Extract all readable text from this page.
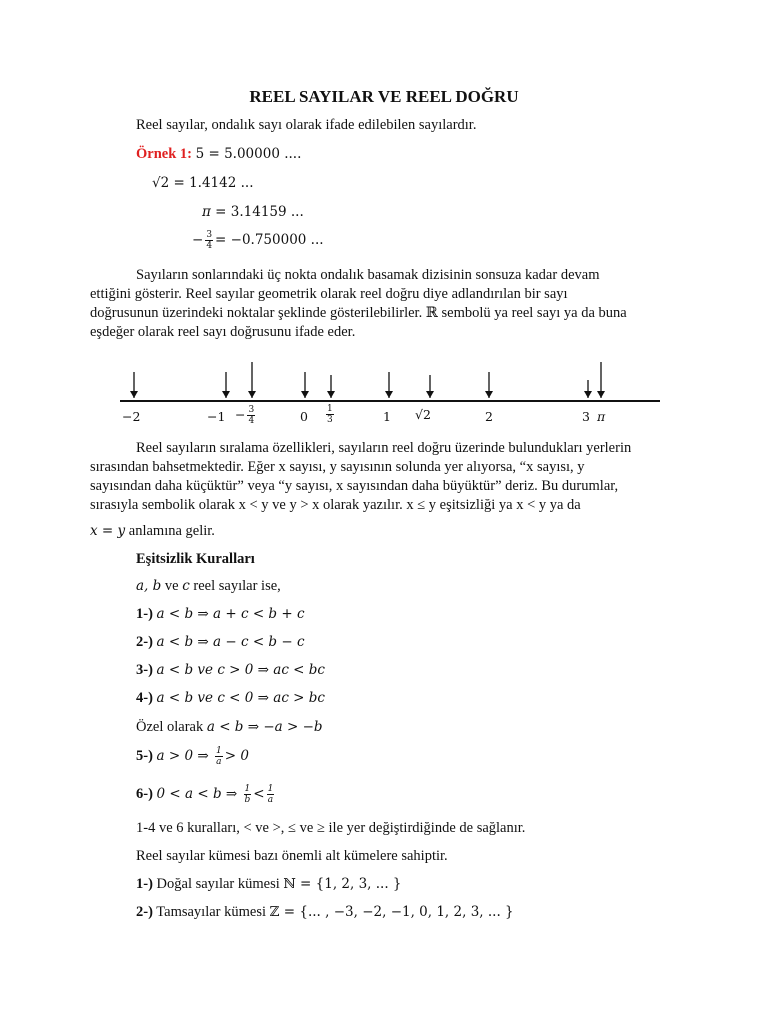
REEL SAYILAR VE REEL DOĞRU
Reel sayılar, ondalık sayı olarak ifade edilebilen sayılardır.
Örnek 1: 5 = 5.00000 ....
√2 = 1.4142 ...
π = 3.14159 ...
− $\frac{3}{4} = -0.750000$ ...
Sayıların sonlarındaki üç nokta ondalık basamak dizisinin sonsuza kadar devam
ettiğini gösterir. Reel sayılar geometrik olarak reel doğru diye adlandırılan bir sayı
doğrusunun üzerindeki noktalar şeklinde gösterilebilirler. ℝ sembolü ya reel sayı ya da buna
eşdeğer olarak reel sayı doğrusunu ifade eder.
−2	$-1 - \frac{3}{4}$	$0 \frac{1}{3}$	1 √2	2	3 π
Reel sayıların sıralama özellikleri, sayıların reel doğru üzerinde bulundukları yerlerin
sırasından bahsetmektedir. Eğer x sayısı, y sayısının solunda yer alıyorsa, “x sayısı, y
sayısından daha küçüktür” veya “y sayısı, x sayısından daha büyüktür” deriz. Bu durumlar,
sırasıyla sembolik olarak x < y ve y > x olarak yazılır. x ≤ y eşitsizliği ya x < y ya da
x = y anlamına gelir.
Eşitsizlik Kuralları
a, b ve c reel sayılar ise,
1-) a < b ⇒ a + c < b + c
2-) a < b ⇒ a − c < b − c
3-) a < b ve c > 0 ⇒ ac < bc
4-) a < b ve c < 0 ⇒ ac > bc
Özel olarak a < b ⇒ −a > −b
5-) a > 0 ⇒ $\frac{1}{a} > 0$
6-) 0 < a < b ⇒ $\frac{1}{b} < \frac{1}{a}$
1-4 ve 6 kuralları, < ve >, ≤ ve ≥ ile yer değiştirdiğinde de sağlanır.
Reel sayılar kümesi bazı önemli alt kümelere sahiptir.
1-) Doğal sayılar kümesi ℕ = {1, 2, 3, ... }
2-) Tamsayılar kümesi ℤ = {... , −3, −2, −1, 0, 1, 2, 3, ... }
